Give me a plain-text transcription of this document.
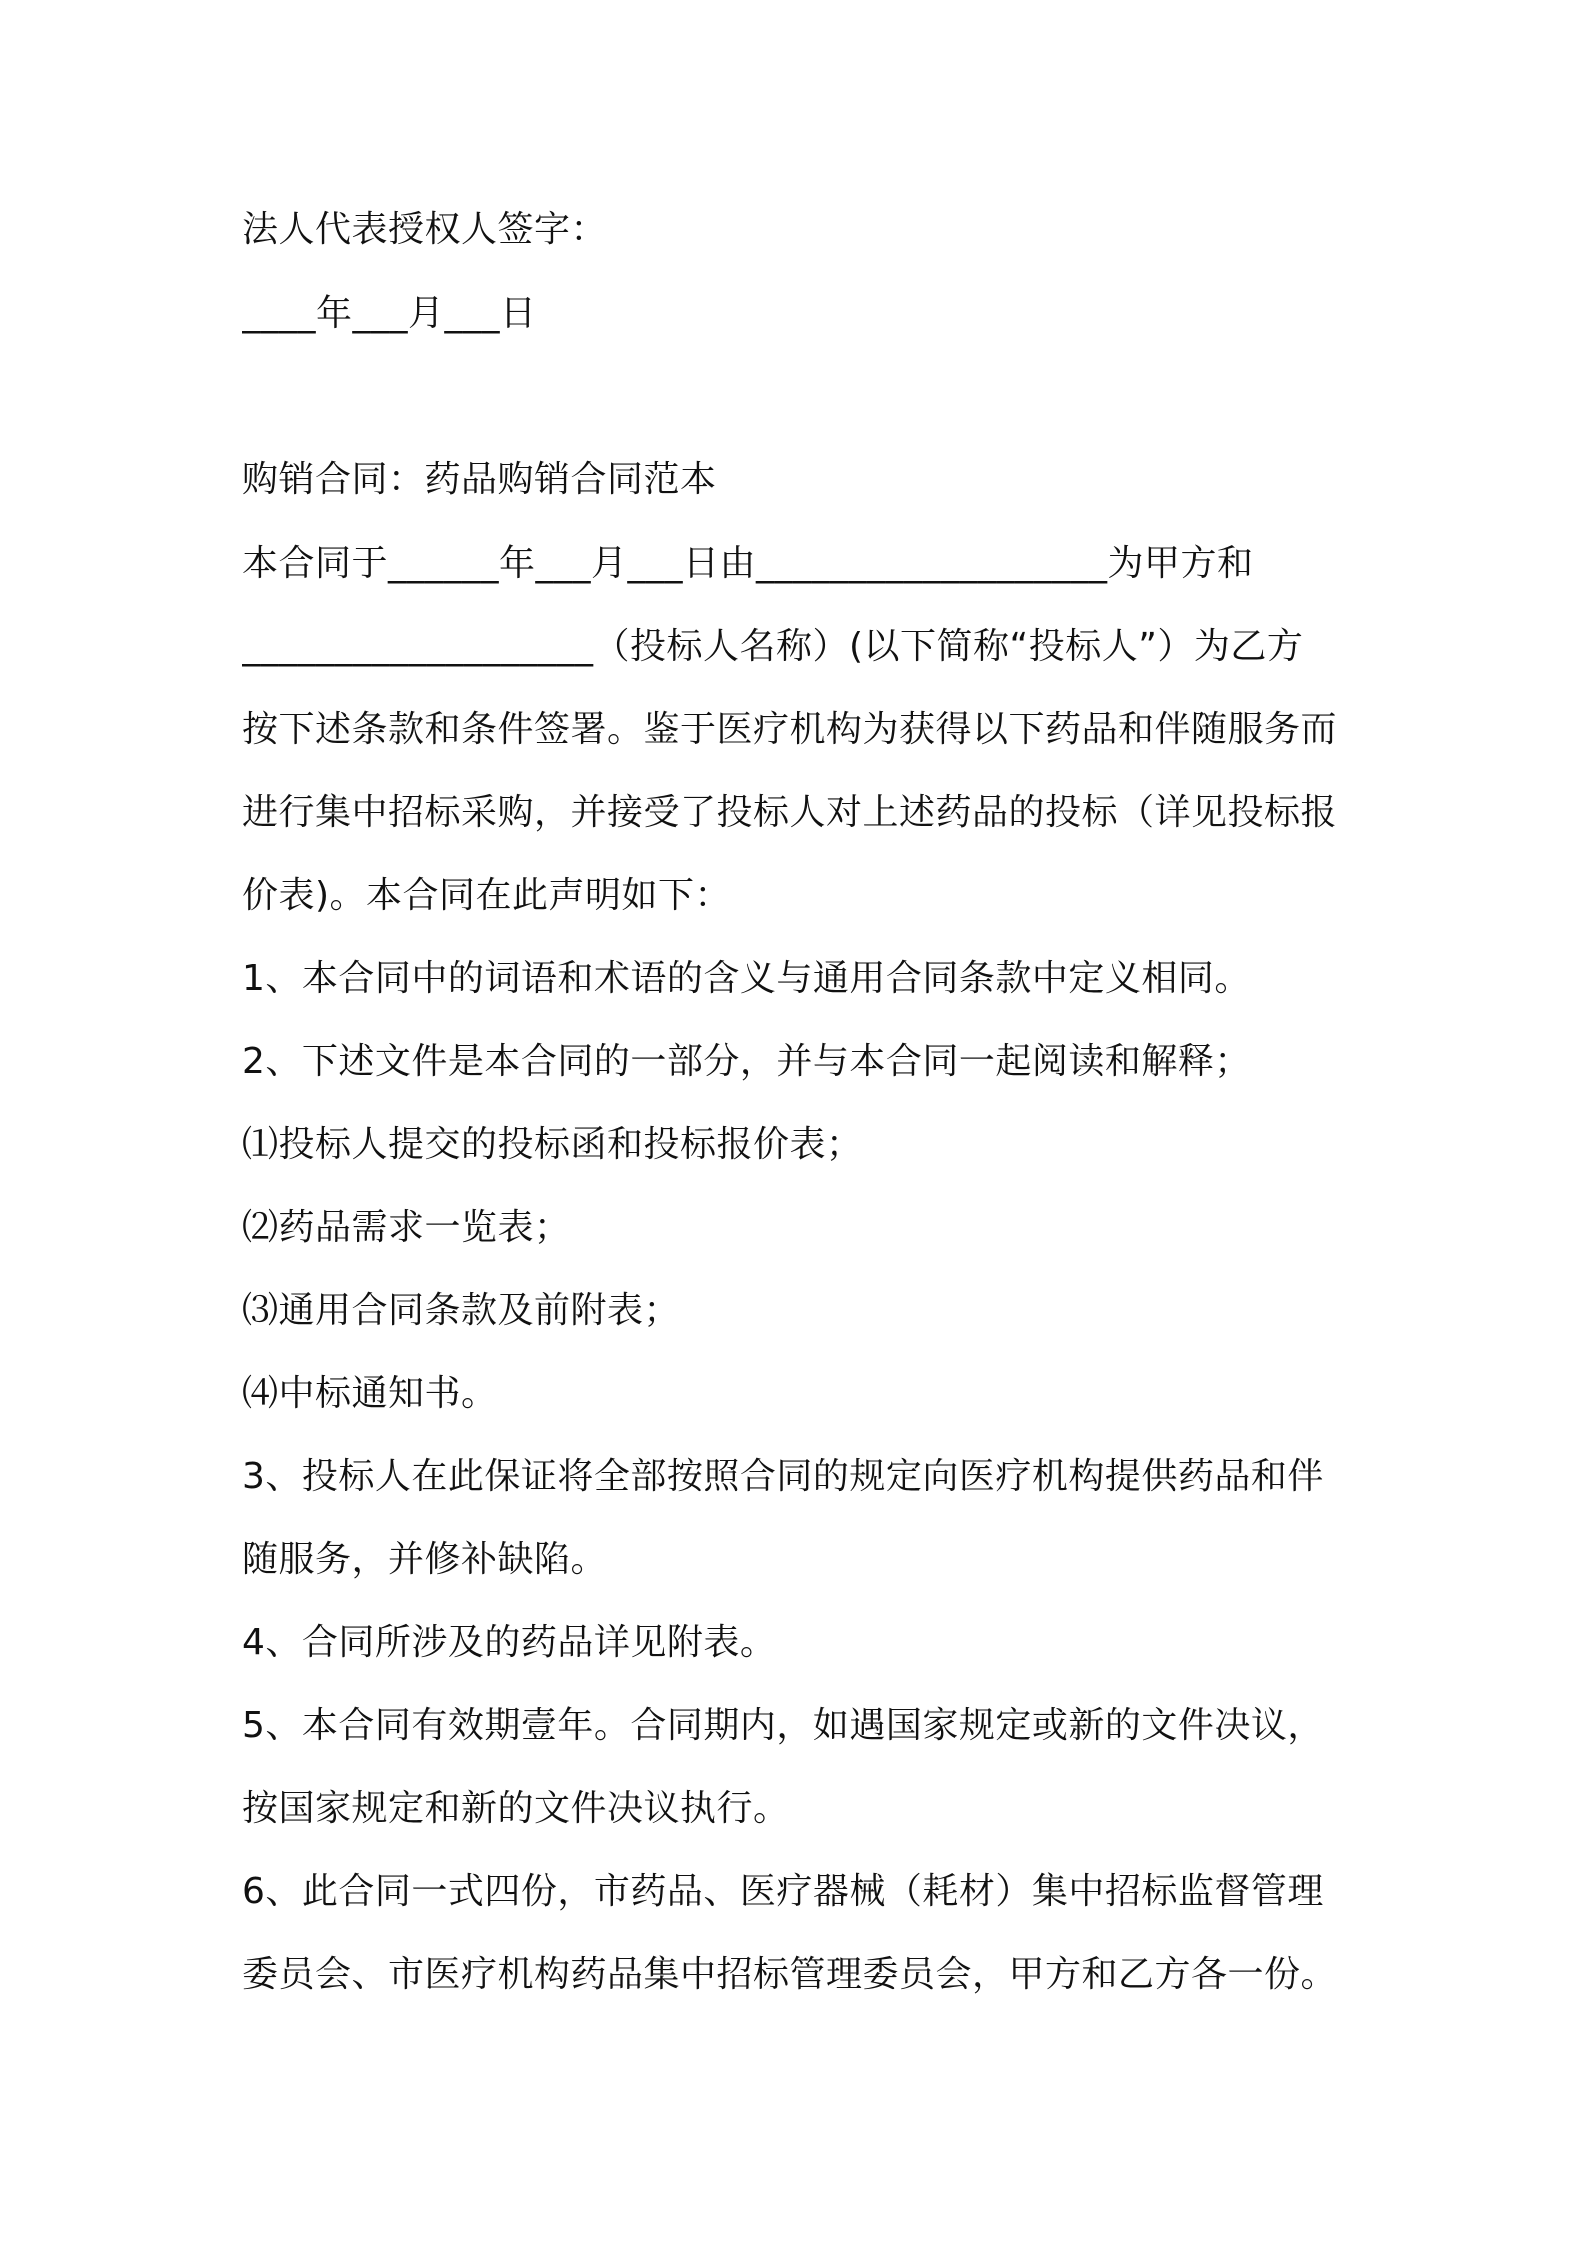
法人代表授权人签字：
____年___月___日
购销合同：药品购销合同范本
本合同于______年___月___日由___________________为甲方和
___________________（投标人名称）(以下简称“投标人”）为乙方
按下述条款和条件签署。鉴于医疗机构为获得以下药品和伴随服务而
进行集中招标采购，并接受了投标人对上述药品的投标（详见投标报
价表)。本合同在此声明如下：
1、本合同中的词语和术语的含义与通用合同条款中定义相同。
2、下述文件是本合同的一部分，并与本合同一起阅读和解释；
⑴投标人提交的投标函和投标报价表；
⑵药品需求一览表；
⑶通用合同条款及前附表；
⑷中标通知书。
3、投标人在此保证将全部按照合同的规定向医疗机构提供药品和伴
随服务，并修补缺陷。
4、合同所涉及的药品详见附表。
5、本合同有效期壹年。合同期内，如遇国家规定或新的文件决议，
按国家规定和新的文件决议执行。
6、此合同一式四份，市药品、医疗器械（耗材）集中招标监督管理
委员会、市医疗机构药品集中招标管理委员会，甲方和乙方各一份。
